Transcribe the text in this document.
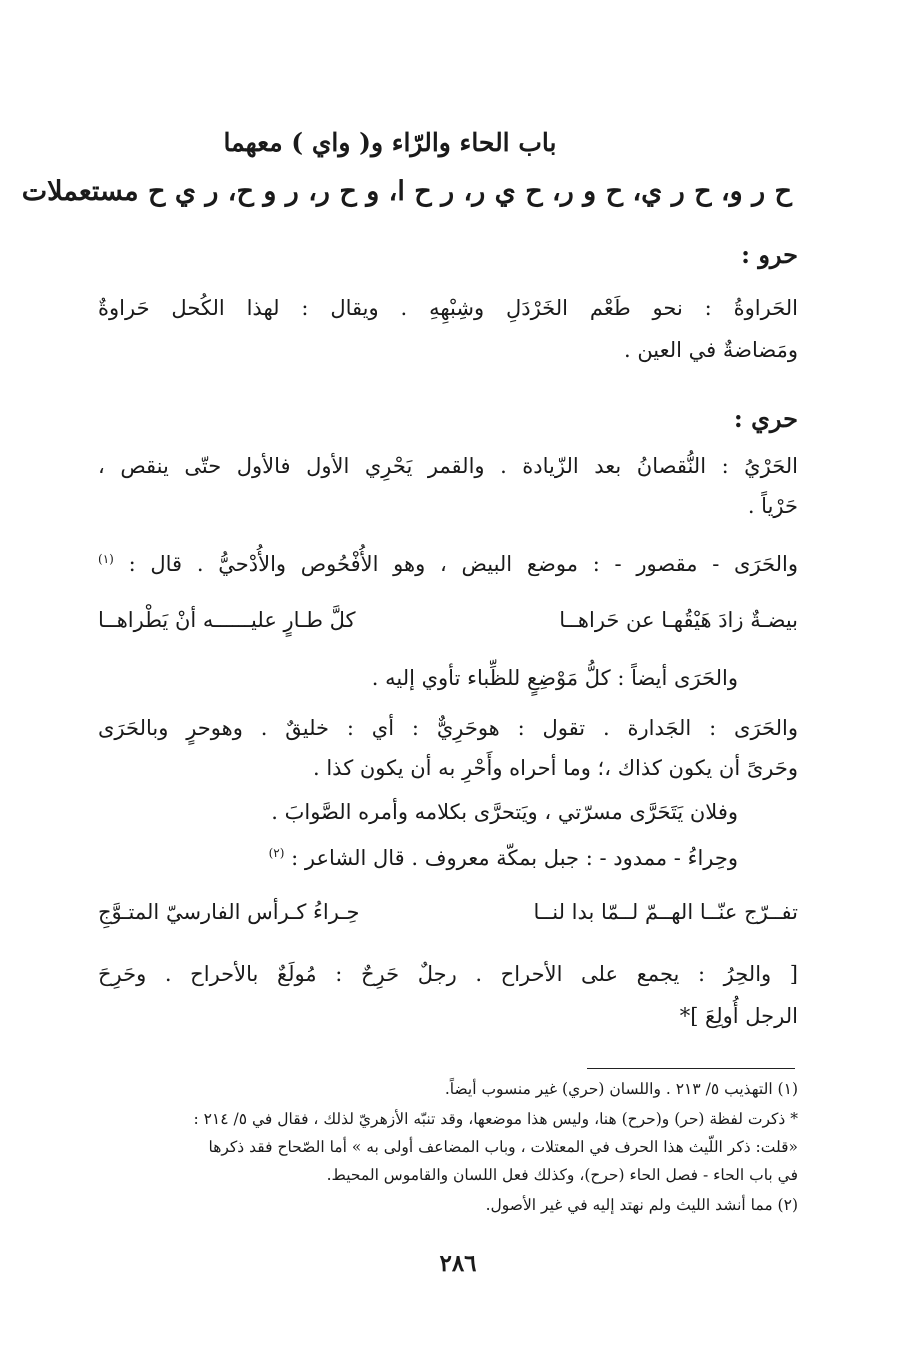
باب الحاء والرّاء و( واي ) معهما
ح ر و، ح ر ي، ح و ر، ح ي ر، ر ح ا، و ح ر، ر و ح، ر ي ح مستعملات
حرو :
الحَراوةُ : نحو طَعْم الخَرْدَلِ وشِبْهِهِ . ويقال : لهذا الكُحل حَراوةٌ
ومَضاضةٌ في العين .
حري :
الحَرْيُ : النُّقصانُ بعد الزّيادة . والقمر يَحْرِي الأول فالأول حتّى ينقص ،
حَرْياً .
والحَرَى - مقصور - : موضع البيض ، وهو الأُفْحُوص والأُدْحيُّ . قال : $^{(١)}$
بيضـةٌ زادَ هَيْقُهـا عن حَراهــا
كلَّ طـارٍ عليــــــه أنْ يَطْراهــا
والحَرَى أيضاً : كلُّ مَوْضِعٍ للظِّباء تأوي إليه .
والحَرَى : الجَدارة . تقول : هوحَرِيٌّ : أي : خليقٌ . وهوحرٍ وبالحَرَى
وحَرىً أن يكون كذاك ،؛ وما أحراه وأَحْرِ به أن يكون كذا .
وفلان يَتَحَرَّى مسرّتي ، ويَتحرَّى بكلامه وأمره الصَّوابَ .
وحِراءُ - ممدود - : جبل بمكّة معروف . قال الشاعر : $^{(٢)}$
تفــرّج عنّــا الهــمّ لــمّا بدا لنــا
حِـراءُ كـرأس الفارسيّ المتـوَّجِ
[ والحِرُ : يجمع على الأحراح . رجلٌ حَرِحٌ : مُولَعٌ بالأحراح . وحَرِحَ
الرجل أُولِعَ ]*
(١) التهذيب ٥/ ٢١٣ . واللسان (حري) غير منسوب أيضاً.
* ذكرت لفظة (حر) و(حرح) هنا، وليس هذا موضعها، وقد تنبّه الأزهريّ لذلك ، فقال في ٥/ ٢١٤ :
«قلت: ذكر اللّيث هذا الحرف في المعتلات ، وباب المضاعف أولى به » أما الصّحاح فقد ذكرها
في باب الحاء - فصل الحاء (حرح)، وكذلك فعل اللسان والقاموس المحيط.
(٢) مما أنشد الليث ولم نهتد إليه في غير الأصول.
٢٨٦
